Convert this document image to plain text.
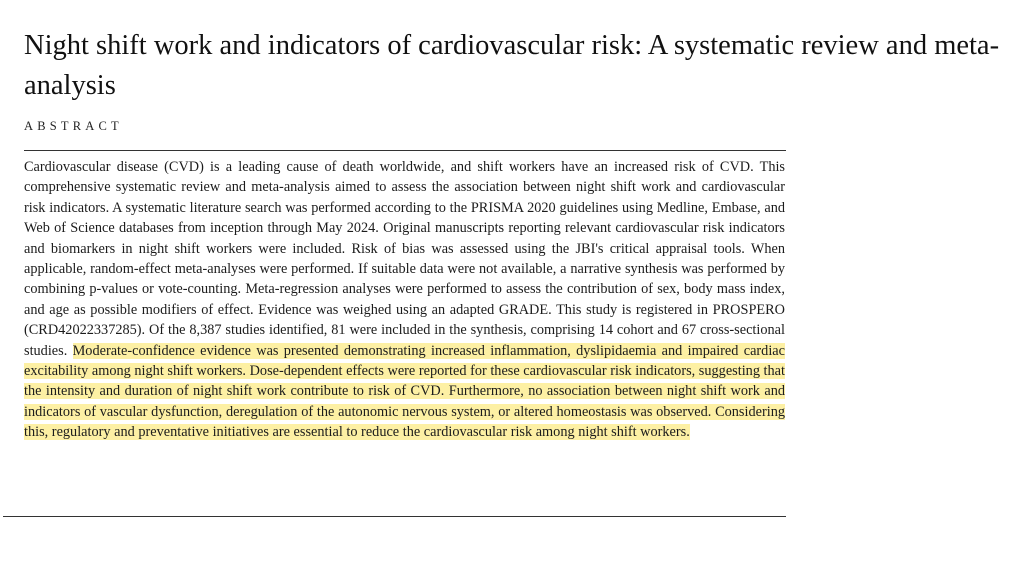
Night shift work and indicators of cardiovascular risk: A systematic review and meta-analysis
ABSTRACT

Cardiovascular disease (CVD) is a leading cause of death worldwide, and shift workers have an increased risk of CVD. This comprehensive systematic review and meta-analysis aimed to assess the association between night shift work and cardiovascular risk indicators. A systematic literature search was performed according to the PRISMA 2020 guidelines using Medline, Embase, and Web of Science databases from inception through May 2024. Original manuscripts reporting relevant cardiovascular risk indicators and biomarkers in night shift workers were included. Risk of bias was assessed using the JBI's critical appraisal tools. When applicable, random-effect meta-analyses were performed. If suitable data were not available, a narrative synthesis was performed by combining p-values or vote-counting. Meta-regression analyses were performed to assess the contribution of sex, body mass index, and age as possible modifiers of effect. Evidence was weighed using an adapted GRADE. This study is registered in PROSPERO (CRD42022337285). Of the 8,387 studies identified, 81 were included in the synthesis, comprising 14 cohort and 67 cross-sectional studies. Moderate-confidence evidence was presented demonstrating increased inflammation, dyslipidaemia and impaired cardiac excitability among night shift workers. Dose-dependent effects were reported for these cardiovascular risk indicators, suggesting that the intensity and duration of night shift work contribute to risk of CVD. Furthermore, no association between night shift work and indicators of vascular dysfunction, deregulation of the autonomic nervous system, or altered homeostasis was observed. Considering this, regulatory and preventative initiatives are essential to reduce the cardiovascular risk among night shift workers.
